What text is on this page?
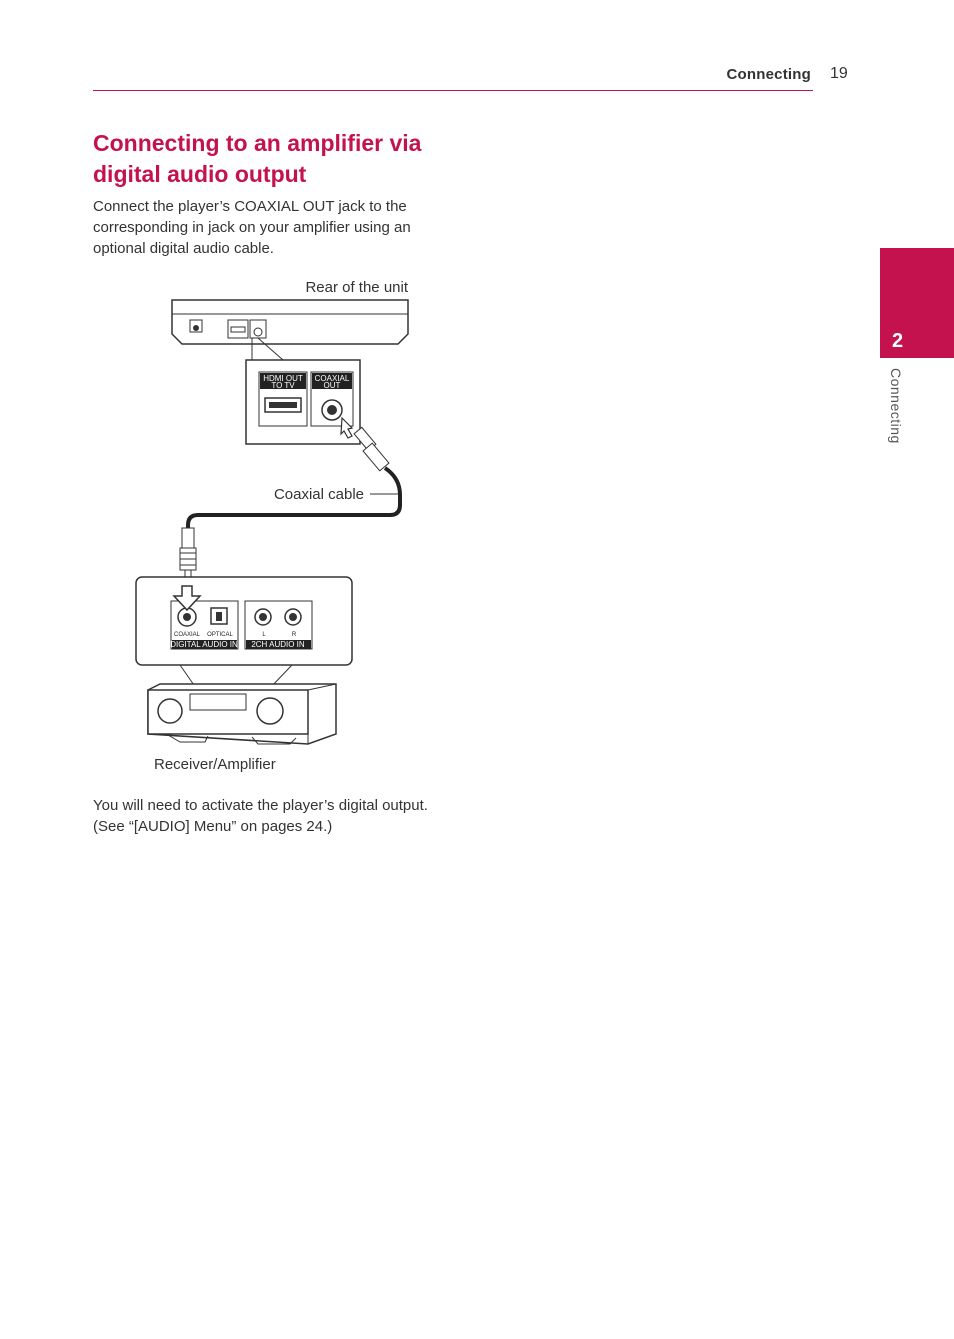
Connecting 19
2
Connecting
Connecting to an amplifier via
digital audio output

Connect the player’s COAXIAL OUT jack to the corresponding in jack on your amplifier using an optional digital audio cable.

Rear of the unit
HDMI OUT
TO TV
COAXIAL
OUT
Coaxial cable
COAXIAL OPTICAL
DIGITAL AUDIO IN
L	R
2CH AUDIO IN
Receiver/Amplifier

You will need to activate the player’s digital output.
(See “[AUDIO] Menu” on pages 24.)
